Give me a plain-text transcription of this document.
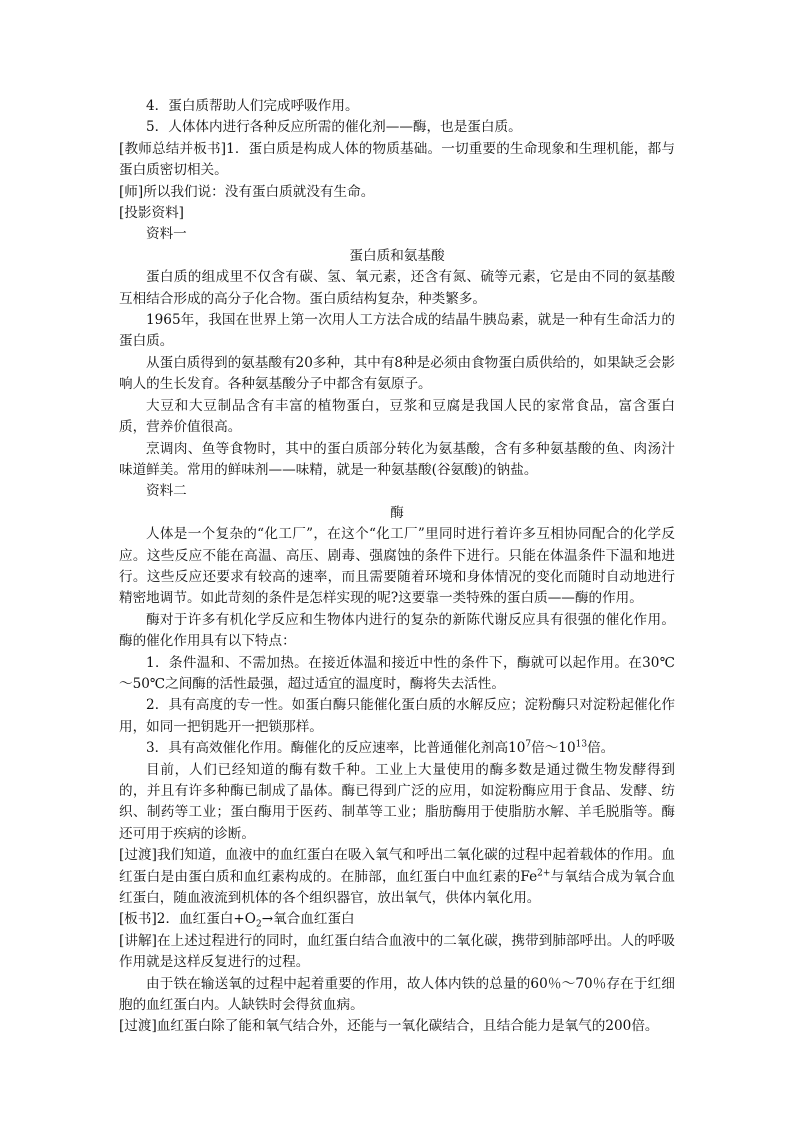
4．蛋白质帮助人们完成呼吸作用。

5．人体体内进行各种反应所需的催化剂——酶，也是蛋白质。

[教师总结并板书]1．蛋白质是构成人体的物质基础。一切重要的生命现象和生理机能，都与蛋白质密切相关。

[师]所以我们说：没有蛋白质就没有生命。

[投影资料]

资料一

蛋白质和氨基酸

蛋白质的组成里不仅含有碳、氢、氧元素，还含有氮、硫等元素，它是由不同的氨基酸互相结合形成的高分子化合物。蛋白质结构复杂，种类繁多。

1965年，我国在世界上第一次用人工方法合成的结晶牛胰岛素，就是一种有生命活力的蛋白质。

从蛋白质得到的氨基酸有20多种，其中有8种是必须由食物蛋白质供给的，如果缺乏会影响人的生长发育。各种氨基酸分子中都含有氨原子。

大豆和大豆制品含有丰富的植物蛋白，豆浆和豆腐是我国人民的家常食品，富含蛋白质，营养价值很高。

烹调肉、鱼等食物时，其中的蛋白质部分转化为氨基酸，含有多种氨基酸的鱼、肉汤汁味道鲜美。常用的鲜味剂——味精，就是一种氨基酸(谷氨酸)的钠盐。

资料二

酶

人体是一个复杂的“化工厂”，在这个“化工厂”里同时进行着许多互相协同配合的化学反应。这些反应不能在高温、高压、剧毒、强腐蚀的条件下进行。只能在体温条件下温和地进行。这些反应还要求有较高的速率，而且需要随着环境和身体情况的变化而随时自动地进行精密地调节。如此苛刻的条件是怎样实现的呢?这要靠一类特殊的蛋白质——酶的作用。

酶对于许多有机化学反应和生物体内进行的复杂的新陈代谢反应具有很强的催化作用。酶的催化作用具有以下特点：

1．条件温和、不需加热。在接近体温和接近中性的条件下，酶就可以起作用。在30℃～50℃之间酶的活性最强，超过适宜的温度时，酶将失去活性。

2．具有高度的专一性。如蛋白酶只能催化蛋白质的水解反应；淀粉酶只对淀粉起催化作用，如同一把钥匙开一把锁那样。

3．具有高效催化作用。酶催化的反应速率，比普通催化剂高$10^7$倍$\sim 10^{13}$倍。

目前，人们已经知道的酶有数千种。工业上大量使用的酶多数是通过微生物发酵得到的，并且有许多种酶已制成了晶体。酶已得到广泛的应用，如淀粉酶应用于食品、发酵、纺织、制药等工业；蛋白酶用于医药、制革等工业；脂肪酶用于使脂肪水解、羊毛脱脂等。酶还可用于疾病的诊断。

[过渡]我们知道，血液中的血红蛋白在吸入氧气和呼出二氧化碳的过程中起着载体的作用。血红蛋白是由蛋白质和血红素构成的。在肺部，血红蛋白中血红素的$Fe^{2+}$与氧结合成为氧合血红蛋白，随血液流到机体的各个组织器官，放出氧气，供体内氧化用。

[板书]2．血红蛋白$+O_2\to$氧合血红蛋白

[讲解]在上述过程进行的同时，血红蛋白结合血液中的二氧化碳，携带到肺部呼出。人的呼吸作用就是这样反复进行的过程。

由于铁在输送氧的过程中起着重要的作用，故人体内铁的总量的60％～70％存在于红细胞的血红蛋白内。人缺铁时会得贫血病。

[过渡]血红蛋白除了能和氧气结合外，还能与一氧化碳结合，且结合能力是氧气的200倍。
